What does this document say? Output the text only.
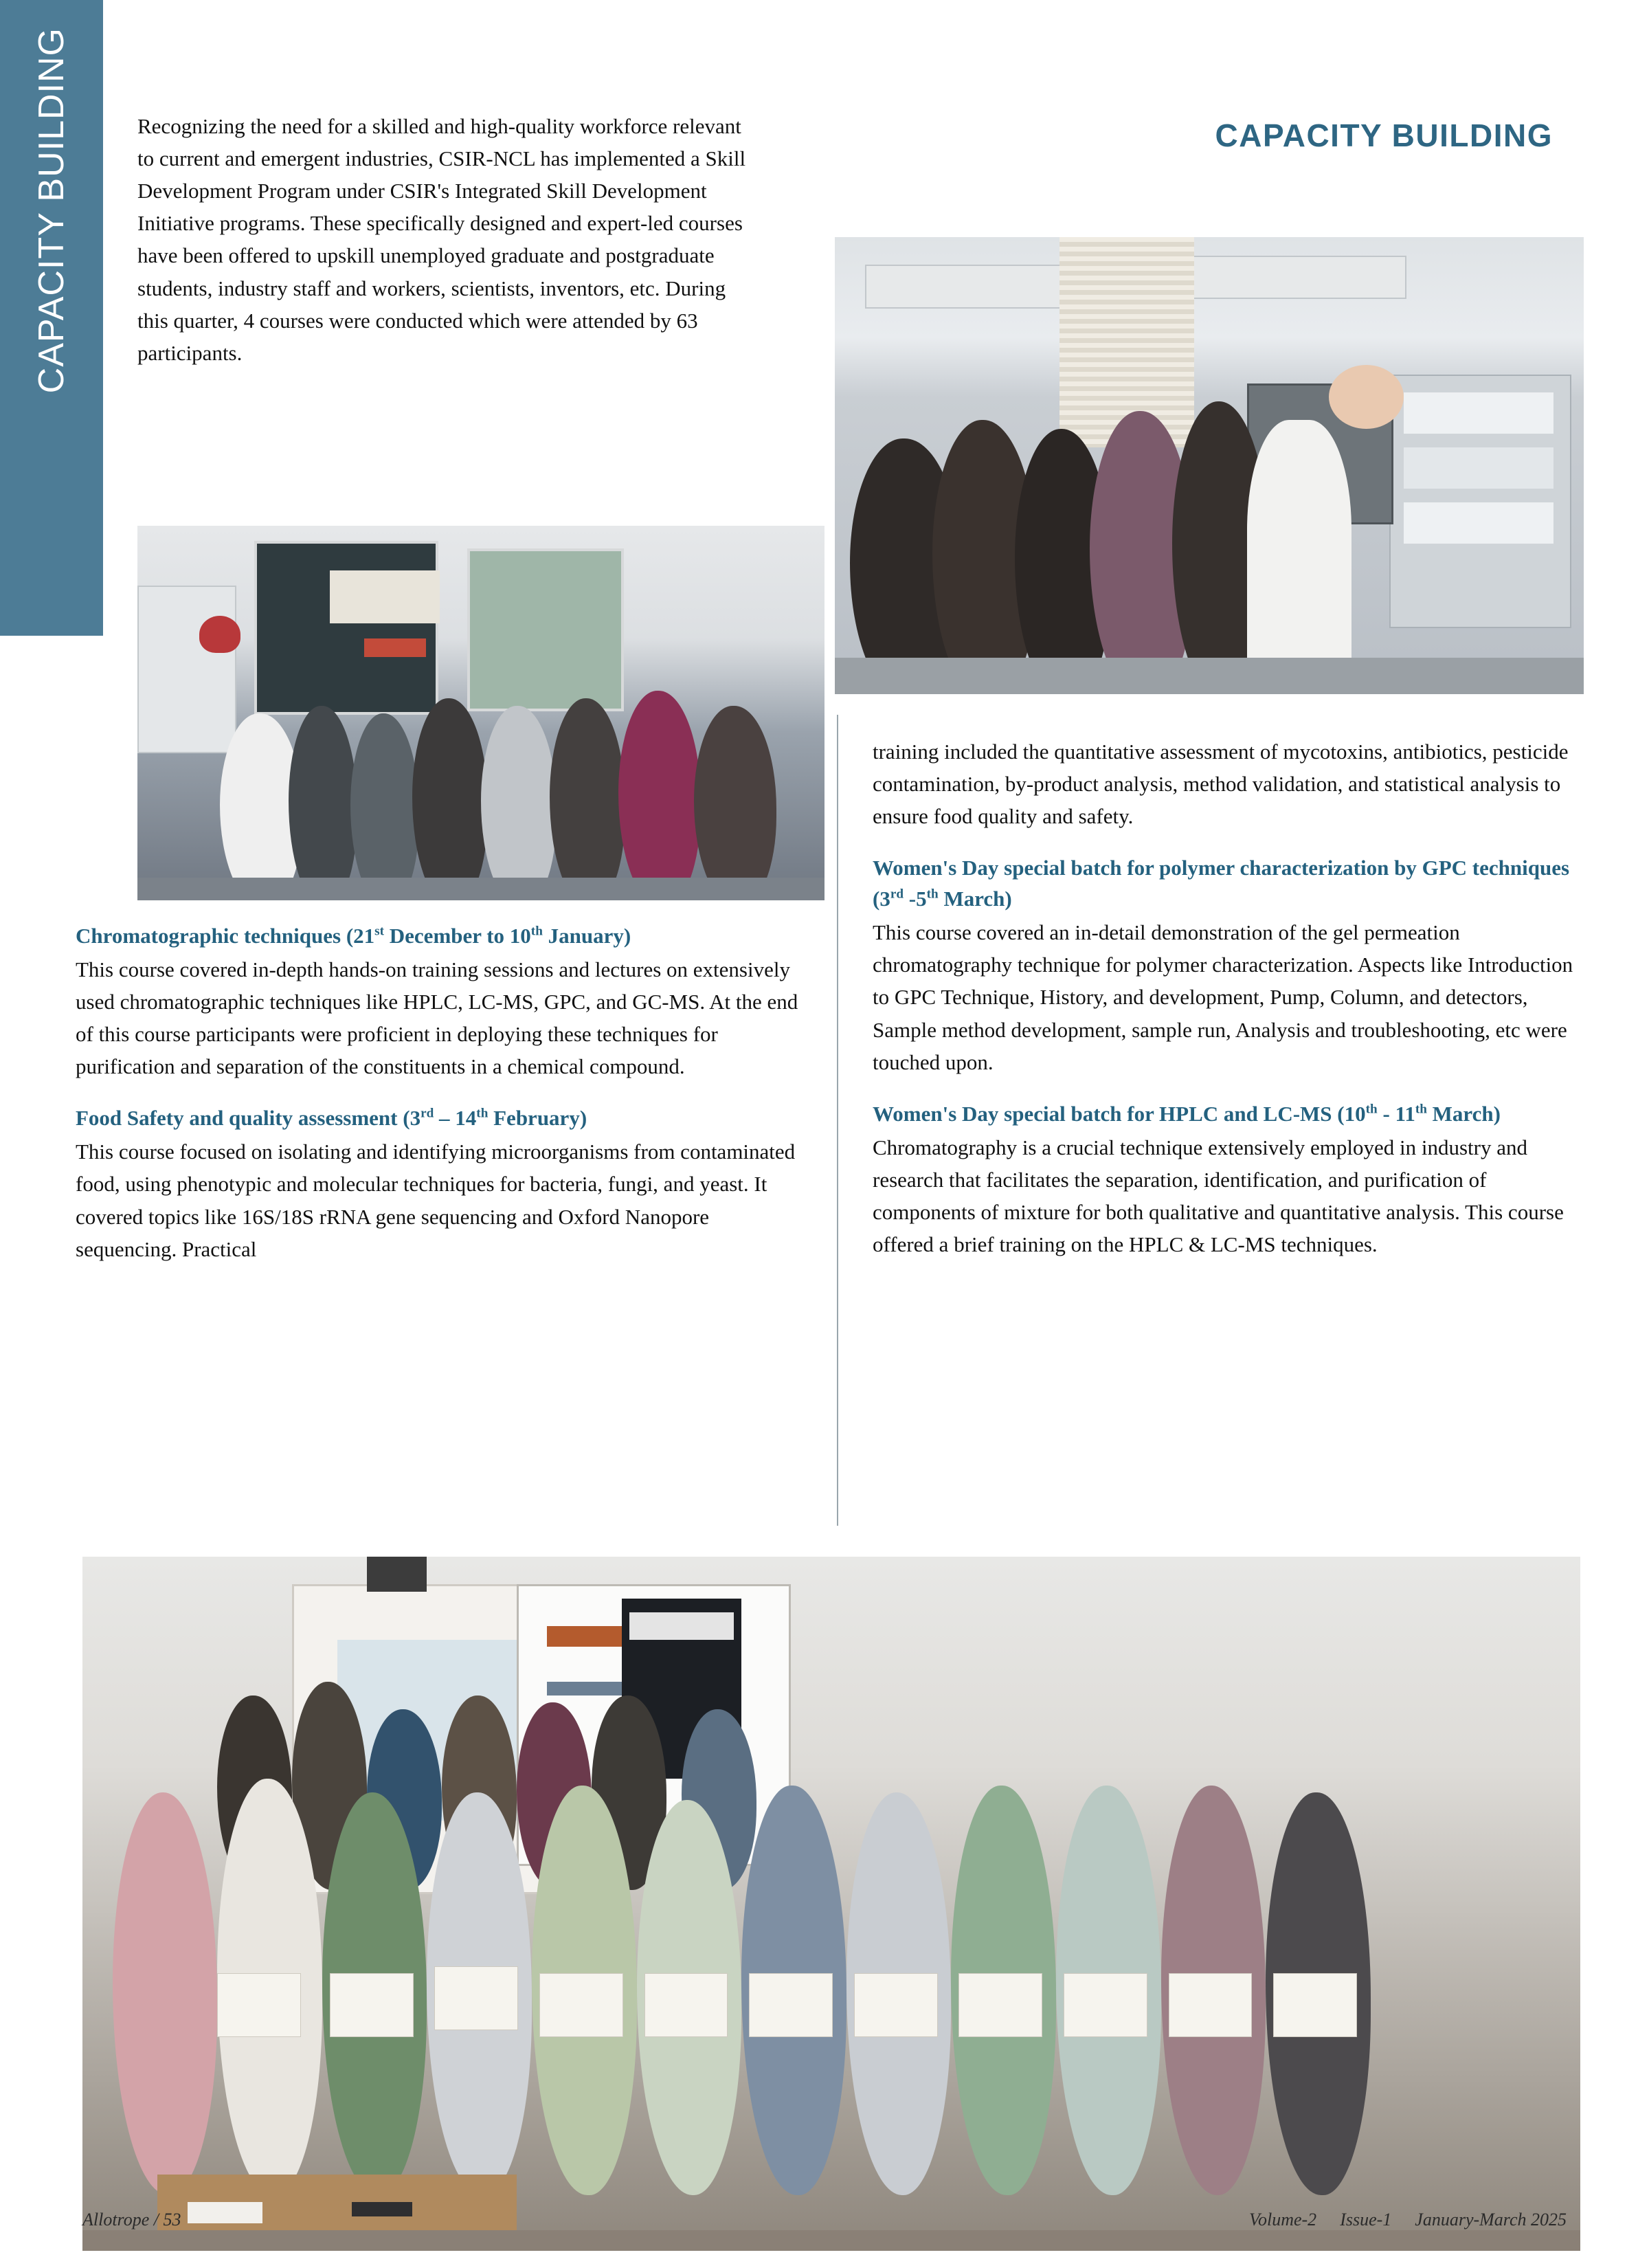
CAPACITY BUILDING	CAPACITY BUILDING
Recognizing the need for a skilled and high-quality workforce relevant to current and emergent industries, CSIR-NCL has implemented a Skill Development Program under CSIR's Integrated Skill Development Initiative programs. These specifically designed and expert-led courses have been offered to upskill unemployed graduate and postgraduate students, industry staff and workers, scientists, inventors, etc. During this quarter, 4 courses were conducted which were attended by 63 participants.
Chromatographic techniques (21st December to 10th January)

This course covered in-depth hands-on training sessions and lectures on extensively used chromatographic techniques like HPLC, LC-MS, GPC, and GC-MS. At the end of this course participants were proficient in deploying these techniques for purification and separation of the constituents in a chemical compound.

Food Safety and quality assessment (3rd – 14th February)

This course focused on isolating and identifying microorganisms from contaminated food, using phenotypic and molecular techniques for bacteria, fungi, and yeast. It covered topics like 16S/18S rRNA gene sequencing and Oxford Nanopore sequencing. Practical

training included the quantitative assessment of mycotoxins, antibiotics, pesticide contamination, by-product analysis, method validation, and statistical analysis to ensure food quality and safety.

Women's Day special batch for polymer characterization by GPC techniques (3rd -5th March)

This course covered an in-detail demonstration of the gel permeation chromatography technique for polymer characterization. Aspects like Introduction to GPC Technique, History, and development, Pump, Column, and detectors, Sample method development, sample run, Analysis and troubleshooting, etc were touched upon.

Women's Day special batch for HPLC and LC-MS (10th - 11th March)

Chromatography is a crucial technique extensively employed in industry and research that facilitates the separation, identification, and purification of components of mixture for both qualitative and quantitative analysis. This course offered a brief training on the HPLC & LC-MS techniques.

Allotrope / 53	Volume-2 Issue-1 January-March 2025
